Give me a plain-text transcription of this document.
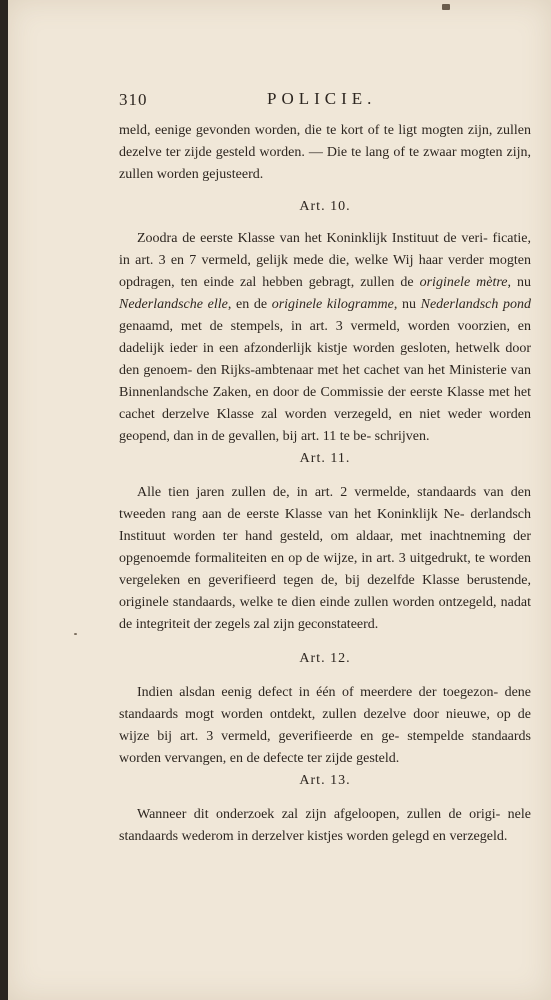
310	POLICIE.

meld, eenige gevonden worden, die te kort of te ligt mogten zijn, zullen dezelve ter zijde gesteld worden. — Die te lang of te zwaar mogten zijn, zullen worden gejusteerd.

Art. 10.

Zoodra de eerste Klasse van het Koninklijk Instituut de veri- ficatie, in art. 3 en 7 vermeld, gelijk mede die, welke Wij haar verder mogten opdragen, ten einde zal hebben gebragt, zullen de originele mètre, nu Nederlandsche elle, en de originele kilogramme, nu Nederlandsch pond genaamd, met de stempels, in art. 3 vermeld, worden voorzien, en dadelijk ieder in een afzonderlijk kistje worden gesloten, hetwelk door den genoem- den Rijks-ambtenaar met het cachet van het Ministerie van Binnenlandsche Zaken, en door de Commissie der eerste Klasse met het cachet derzelve Klasse zal worden verzegeld, en niet weder worden geopend, dan in de gevallen, bij art. 11 te be- schrijven.

Art. 11.

Alle tien jaren zullen de, in art. 2 vermelde, standaards van den tweeden rang aan de eerste Klasse van het Koninklijk Ne- derlandsch Instituut worden ter hand gesteld, om aldaar, met inachtneming der opgenoemde formaliteiten en op de wijze, in art. 3 uitgedrukt, te worden vergeleken en geverifieerd tegen de, bij dezelfde Klasse berustende, originele standaards, welke te dien einde zullen worden ontzegeld, nadat de integriteit der zegels zal zijn geconstateerd.

Art. 12.

Indien alsdan eenig defect in één of meerdere der toegezon- dene standaards mogt worden ontdekt, zullen dezelve door nieuwe, op de wijze bij art. 3 vermeld, geverifieerde en ge- stempelde standaards worden vervangen, en de defecte ter zijde gesteld.

Art. 13.

Wanneer dit onderzoek zal zijn afgeloopen, zullen de origi- nele standaards wederom in derzelver kistjes worden gelegd en verzegeld.
